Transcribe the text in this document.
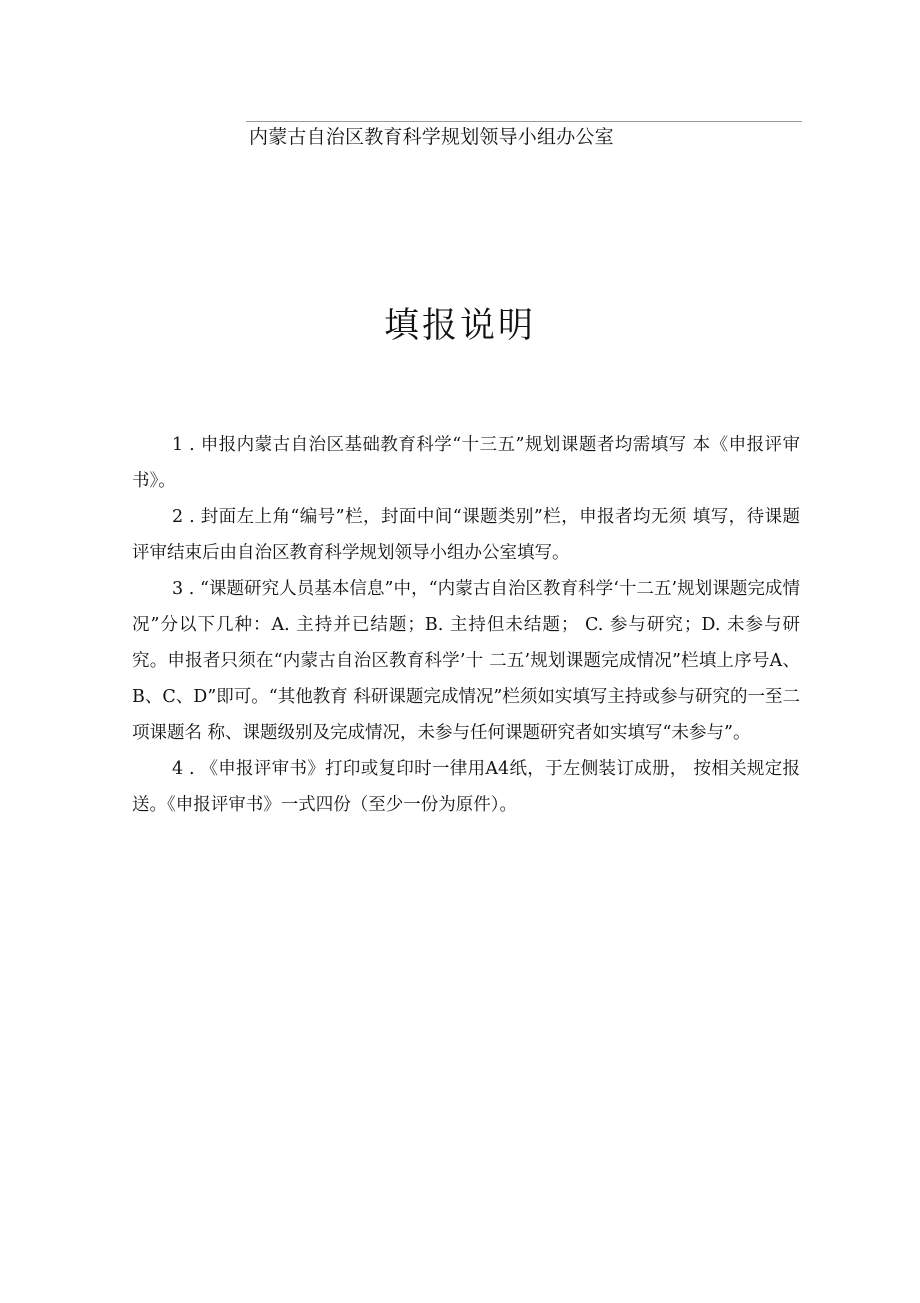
内蒙古自治区教育科学规划领导小组办公室
填报说明

1 . 申报内蒙古自治区基础教育科学“十三五”规划课题者均需填写 本《申报评审书》。

2 . 封面左上角“编号”栏，封面中间“课题类别”栏，申报者均无须 填写，待课题评审结束后由自治区教育科学规划领导小组办公室填写。

3 . “课题研究人员基本信息”中，“内蒙古自治区教育科学‘十二五’规划课题完成情况”分以下几种：A. 主持并已结题；B. 主持但未结题； C. 参与研究；D. 未参与研究。申报者只须在“内蒙古自治区教育科学’十 二五’规划课题完成情况”栏填上序号A、B、C、D”即可。“其他教育 科研课题完成情况”栏须如实填写主持或参与研究的一至二项课题名 称、课题级别及完成情况，未参与任何课题研究者如实填写“未参与”。

4 . 《申报评审书》打印或复印时一律用A4纸，于左侧装订成册， 按相关规定报送。《申报评审书》一式四份（至少一份为原件）。
